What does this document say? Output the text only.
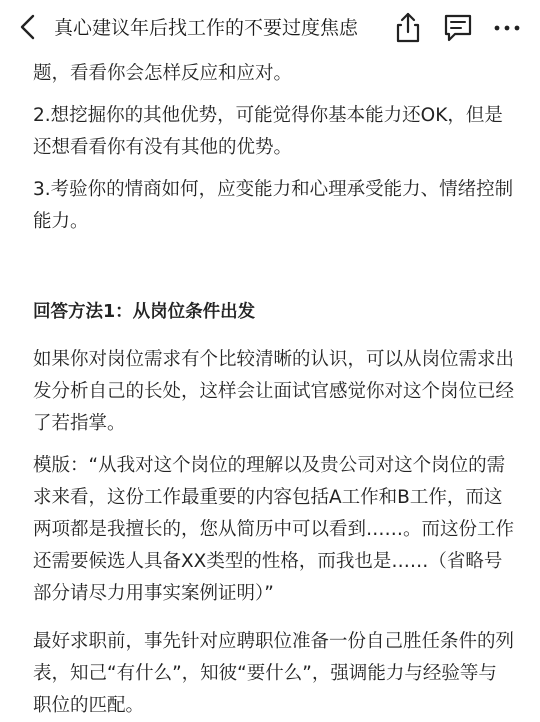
真心建议年后找工作的不要过度焦虑

题，看看你会怎样反应和应对。

2.想挖掘你的其他优势，可能觉得你基本能力还OK，但是还想看看你有没有其他的优势。

3.考验你的情商如何，应变能力和心理承受能力、情绪控制能力。

回答方法1：从岗位条件出发

如果你对岗位需求有个比较清晰的认识，可以从岗位需求出发分析自己的长处，这样会让面试官感觉你对这个岗位已经了若指掌。

模版：“从我对这个岗位的理解以及贵公司对这个岗位的需求来看，这份工作最重要的内容包括A工作和B工作，而这两项都是我擅长的，您从简历中可以看到……。而这份工作还需要候选人具备XX类型的性格，而我也是……（省略号部分请尽力用事实案例证明）”

最好求职前，事先针对应聘职位准备一份自己胜任条件的列表，知己“有什么”，知彼“要什么”，强调能力与经验等与职位的匹配。
